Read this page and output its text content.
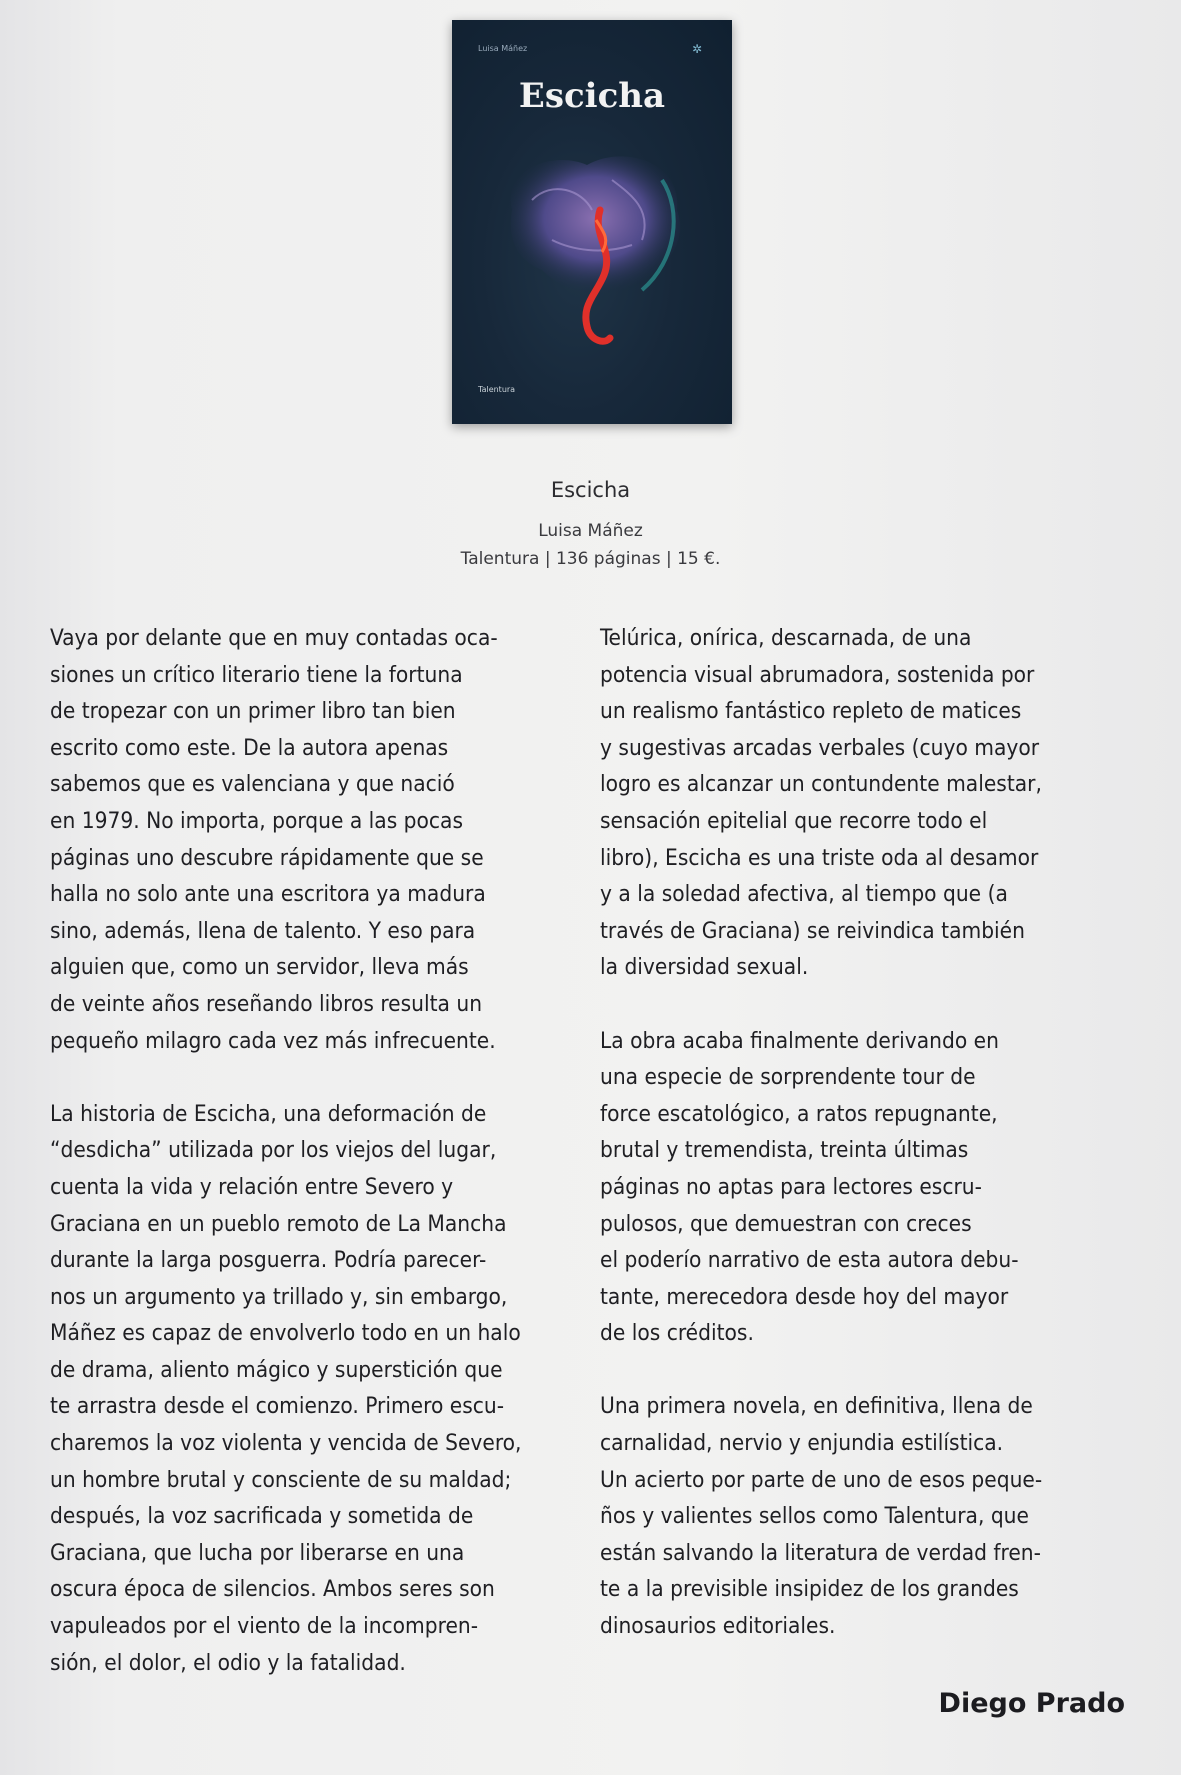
Luisa Máñez	✲
Escicha
Talentura
Escicha
Luisa Máñez
Talentura | 136 páginas | 15 €.

Vaya por delante que en muy contadas oca-
siones un crítico literario tiene la fortuna
de tropezar con un primer libro tan bien
escrito como este. De la autora apenas
sabemos que es valenciana y que nació
en 1979. No importa, porque a las pocas
páginas uno descubre rápidamente que se
halla no solo ante una escritora ya madura
sino, además, llena de talento. Y eso para
alguien que, como un servidor, lleva más
de veinte años reseñando libros resulta un
pequeño milagro cada vez más infrecuente.

La historia de Escicha, una deformación de
“desdicha” utilizada por los viejos del lugar,
cuenta la vida y relación entre Severo y
Graciana en un pueblo remoto de La Mancha
durante la larga posguerra. Podría parecer-
nos un argumento ya trillado y, sin embargo,
Máñez es capaz de envolverlo todo en un halo
de drama, aliento mágico y superstición que
te arrastra desde el comienzo. Primero escu-
charemos la voz violenta y vencida de Severo,
un hombre brutal y consciente de su maldad;
después, la voz sacrificada y sometida de
Graciana, que lucha por liberarse en una
oscura época de silencios. Ambos seres son
vapuleados por el viento de la incompren-
sión, el dolor, el odio y la fatalidad.

Telúrica, onírica, descarnada, de una
potencia visual abrumadora, sostenida por
un realismo fantástico repleto de matices
y sugestivas arcadas verbales (cuyo mayor
logro es alcanzar un contundente malestar,
sensación epitelial que recorre todo el
libro), Escicha es una triste oda al desamor
y a la soledad afectiva, al tiempo que (a
través de Graciana) se reivindica también
la diversidad sexual.

La obra acaba finalmente derivando en
una especie de sorprendente tour de
force escatológico, a ratos repugnante,
brutal y tremendista, treinta últimas
páginas no aptas para lectores escru-
pulosos, que demuestran con creces
el poderío narrativo de esta autora debu-
tante, merecedora desde hoy del mayor
de los créditos.

Una primera novela, en definitiva, llena de
carnalidad, nervio y enjundia estilística.
Un acierto por parte de uno de esos peque-
ños y valientes sellos como Talentura, que
están salvando la literatura de verdad fren-
te a la previsible insipidez de los grandes
dinosaurios editoriales.

Diego Prado
